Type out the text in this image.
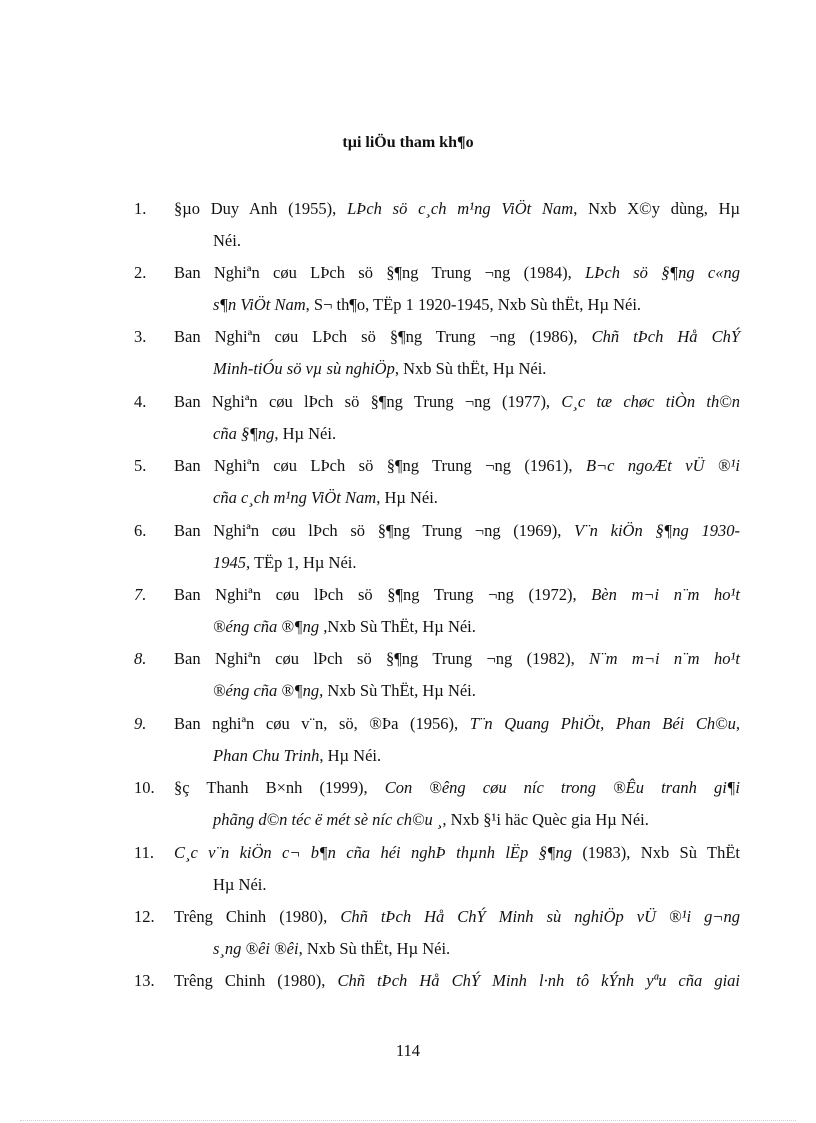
tµi liÖu tham kh¶o
1. §µo Duy Anh (1955), LÞch sö c¸ch m¹ng ViÖt Nam, Nxb X©y dùng, Hµ
Néi.
2. Ban Nghiªn cøu LÞch sö §¶ng Trung ¬ng (1984), LÞch sö §¶ng c«ng
s¶n ViÖt Nam, S¬ th¶o, TËp 1 1920-1945, Nxb Sù thËt, Hµ Néi.
3. Ban Nghiªn cøu LÞch sö §¶ng Trung ¬ng (1986), Chñ tÞch Hå ChÝ
Minh-tiÓu sö vµ sù nghiÖp, Nxb Sù thËt, Hµ Néi.
4. Ban Nghiªn cøu lÞch sö §¶ng Trung ¬ng (1977), C¸c tæ chøc tiÒn th©n
cña §¶ng, Hµ Néi.
5. Ban Nghiªn cøu LÞch sö §¶ng Trung ¬ng (1961), B¬c ngoÆt vÜ ®¹i
cña c¸ch m¹ng ViÖt Nam, Hµ Néi.
6. Ban Nghiªn cøu lÞch sö §¶ng Trung ¬ng (1969), V¨n kiÖn §¶ng 1930-
1945, TËp 1, Hµ Néi.
7. Ban Nghiªn cøu lÞch sö §¶ng Trung ¬ng (1972), Bèn m¬i n¨m ho¹t
®éng cña ®¶ng ,Nxb Sù ThËt, Hµ Néi.
8. Ban Nghiªn cøu lÞch sö §¶ng Trung ¬ng (1982), N¨m m¬i n¨m ho¹t
®éng cña ®¶ng, Nxb Sù ThËt, Hµ Néi.
9. Ban nghiªn cøu v¨n, sö, ®Þa (1956), T¨n Quang PhiÖt, Phan Béi Ch©u,
Phan Chu Trinh, Hµ Néi.
10. §ç Thanh B×nh (1999), Con ®êng cøu níc trong ®Êu tranh gi¶i
phãng d©n téc ë mét sè níc ch©u ¸, Nxb §¹i häc Quèc gia Hµ Néi.
11. C¸c v¨n kiÖn c¬ b¶n cña héi nghÞ thµnh lËp §¶ng (1983), Nxb Sù ThËt
Hµ Néi.
12. Trêng Chinh (1980), Chñ tÞch Hå ChÝ Minh sù nghiÖp vÜ ®¹i g¬ng
s¸ng ®êi ®êi, Nxb Sù thËt, Hµ Néi.
13. Trêng Chinh (1980), Chñ tÞch Hå ChÝ Minh l·nh tô kÝnh yªu cña giai
114
